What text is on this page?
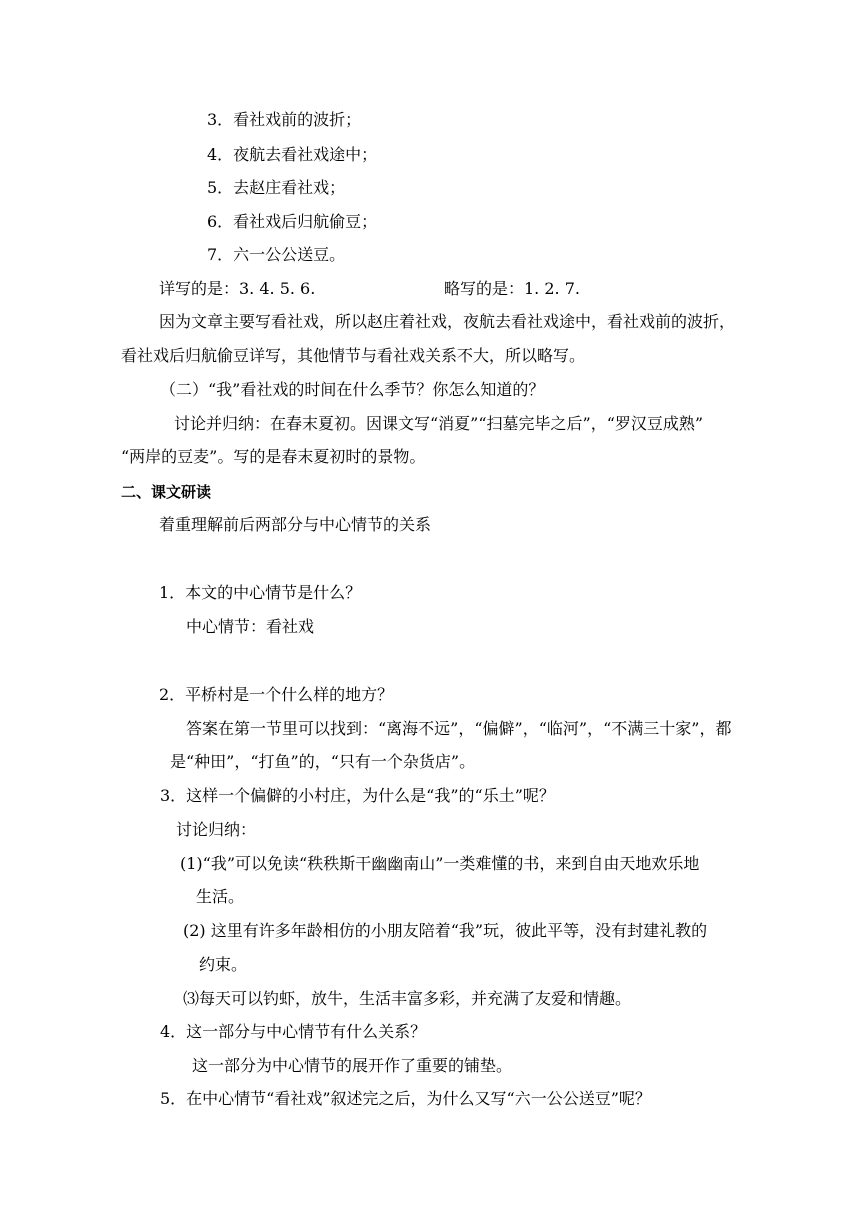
3．看社戏前的波折；
4．夜航去看社戏途中；
5．去赵庄看社戏；
6．看社戏后归航偷豆；
7．六一公公送豆。
详写的是：3. 4. 5. 6.	略写的是：1. 2. 7.
因为文章主要写看社戏，所以赵庄着社戏，夜航去看社戏途中，看社戏前的波折，
看社戏后归航偷豆详写，其他情节与看社戏关系不大，所以略写。
（二）“我”看社戏的时间在什么季节？你怎么知道的？
讨论并归纳：在春末夏初。因课文写“消夏”“扫墓完毕之后”，“罗汉豆成熟”
“两岸的豆麦”。写的是春末夏初时的景物。
二、课文研读
着重理解前后两部分与中心情节的关系
1．本文的中心情节是什么？
中心情节：看社戏
2．平桥村是一个什么样的地方？
答案在第一节里可以找到：“离海不远”，“偏僻”，“临河”，“不满三十家”，都
是“种田”，“打鱼”的，“只有一个杂货店”。
3．这样一个偏僻的小村庄，为什么是“我”的“乐土”呢？
讨论归纳：
(1)“我”可以免读“秩秩斯干幽幽南山”一类难懂的书，来到自由天地欢乐地
生活。
(2) 这里有许多年龄相仿的小朋友陪着“我”玩，彼此平等，没有封建礼教的
约束。
⑶每天可以钓虾，放牛，生活丰富多彩，并充满了友爱和情趣。
4．这一部分与中心情节有什么关系？
这一部分为中心情节的展开作了重要的铺垫。
5．在中心情节“看社戏”叙述完之后，为什么又写“六一公公送豆”呢？
